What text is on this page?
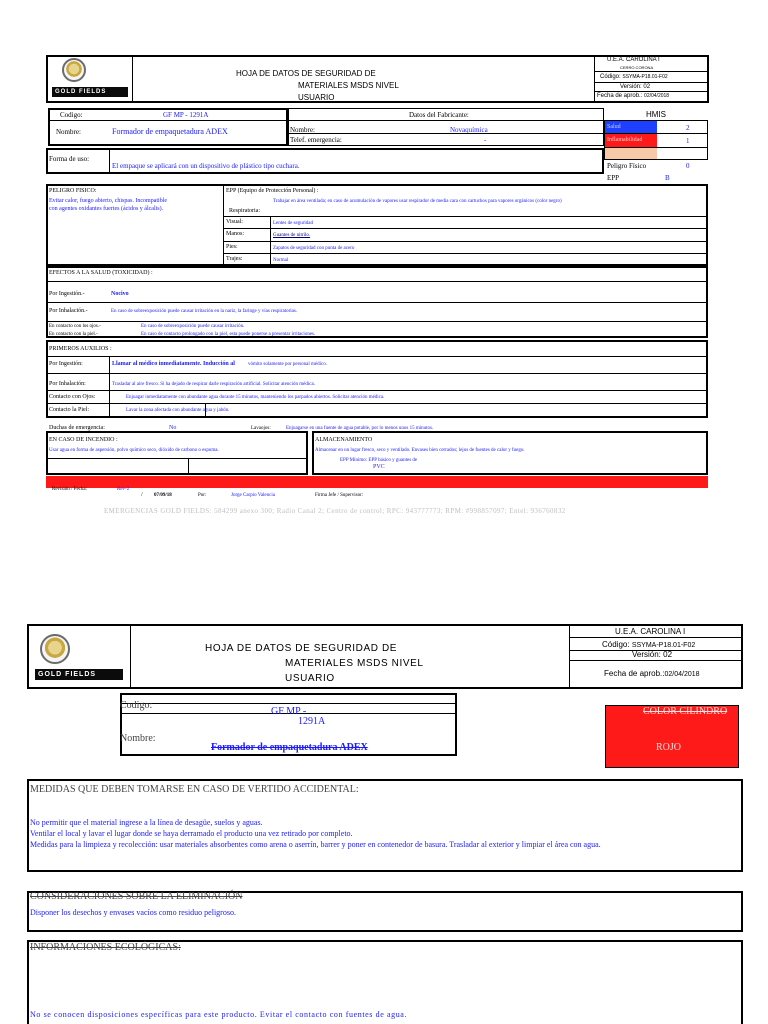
GOLD FIELDS
HOJA DE DATOS DE SEGURIDAD DE
MATERIALES MSDS NIVEL
USUARIO
U.E.A. CAROLINA I
CERRO CORONA
Código: SSYMA-P18.01-F02
Versión: 02
Fecha de aprob.: 02/04/2018
Codigo:	GF MP - 1291A
Nombre:	Formador de empaquetadura ADEX
Datos del Fabricante:
Nombre:	Novaquímica
Telef. emergencia:	-
HMIS
Salud	2
Inflamabilidad	1
Peligro Físico	0
EPP	B
Forma de uso:
El empaque se aplicará con un dispositivo de plástico tipo cuchara.
PELIGRO FISICO:
Evitar calor, fuego abierto, chispas. Incompatible
con agentes oxidantes fuertes (ácidos y álcalis).
EPP (Equipo de Protección Personal) :
Respiratoria:
Trabajar en área ventilada; en caso de acumulación de vapores usar respirador de media cara con cartuchos para vapores orgánicos (color negro)
Visual:	Lentes de seguridad
Manos:	Guantes de nitrilo.
Pies:	Zapatos de seguridad con punta de acero
Trajes:	Normal
EFECTOS A LA SALUD (TOXICIDAD) :
Por Ingestión.-	Nocivo
Por Inhalación.-	En caso de sobreexposición puede causar irritación en la nariz, la faringe y vías respiratorias.
En contacto con los ojos.-	En caso de sobreexposición puede causar irritación.
En contacto con la piel.-	En caso de contacto prolongado con la piel, esta puede ponerse a presentar irritaciones.
PRIMEROS AUXILIOS :
Por Ingestión:	Llamar al médico inmediatamente. Inducción al	vómito solamente por personal médico.
Por Inhalación:	Trasladar al aire fresco. Si ha dejado de respirar darle respiración artificial. Solicitar atención médica.
Contacto con Ojos:	Enjuagar inmediatamente con abundante agua durante 15 minutos, manteniendo los parpados abiertos. Solicitar atención médica.
Contacto la Piel:	Lavar la zona afectada con abundante agua y jabón.
Duchas de emergencia:	No	Lavaojos:	Enjuagarse en una fuente de agua potable, por lo menos unos 15 minutos.
EN CASO DE INCENDIO :
Usar agua en forma de aspersión, polvo químico seco, dióxido de carbono o espuma.
ALMACENAMIENTO
Almacenar en un lugar fresco, seco y ventilado. Envases bien cerrados; lejos de fuentes de calor y fuego.
EPP Mínimo: EPP básico y guantes de
PVC
Revisión / Fecha:	Rev-2
/ 07/09/18	Por:	Jorge Carpio Valencia	Firma Jefe / Supervisor:
EMERGENCIAS GOLD FIELDS: 584299 anexo 300; Radio Canal 2; Centro de control; RPC: 943777773; RPM: #998857097; Entel: 936760832
GOLD FIELDS
HOJA DE DATOS DE SEGURIDAD DE
MATERIALES MSDS NIVEL
USUARIO
U.E.A. CAROLINA I
Código: SSYMA-P18.01-F02
Versión: 02
Fecha de aprob.:02/04/2018
Codigo:
GF MP -
1291A
Nombre:
Formador de empaquetadura ADEX
COLOR CILINDRO
ROJO
MEDIDAS QUE DEBEN TOMARSE EN CASO DE VERTIDO ACCIDENTAL:
No permitir que el material ingrese a la línea de desagüe, suelos y aguas.
Ventilar el local y lavar el lugar donde se haya derramado el producto una vez retirado por completo.
Medidas para la limpieza y recolección: usar materiales absorbentes como arena o aserrín, barrer y poner en contenedor de basura. Trasladar al exterior y limpiar el área con agua.
CONSIDERACIONES SOBRE LA ELIMINACIÓN
Disponer los desechos y envases vacíos como residuo peligroso.
INFORMACIONES ECOLÓGICAS:
No se conocen disposiciones específicas para este producto. Evitar el contacto con fuentes de agua.
